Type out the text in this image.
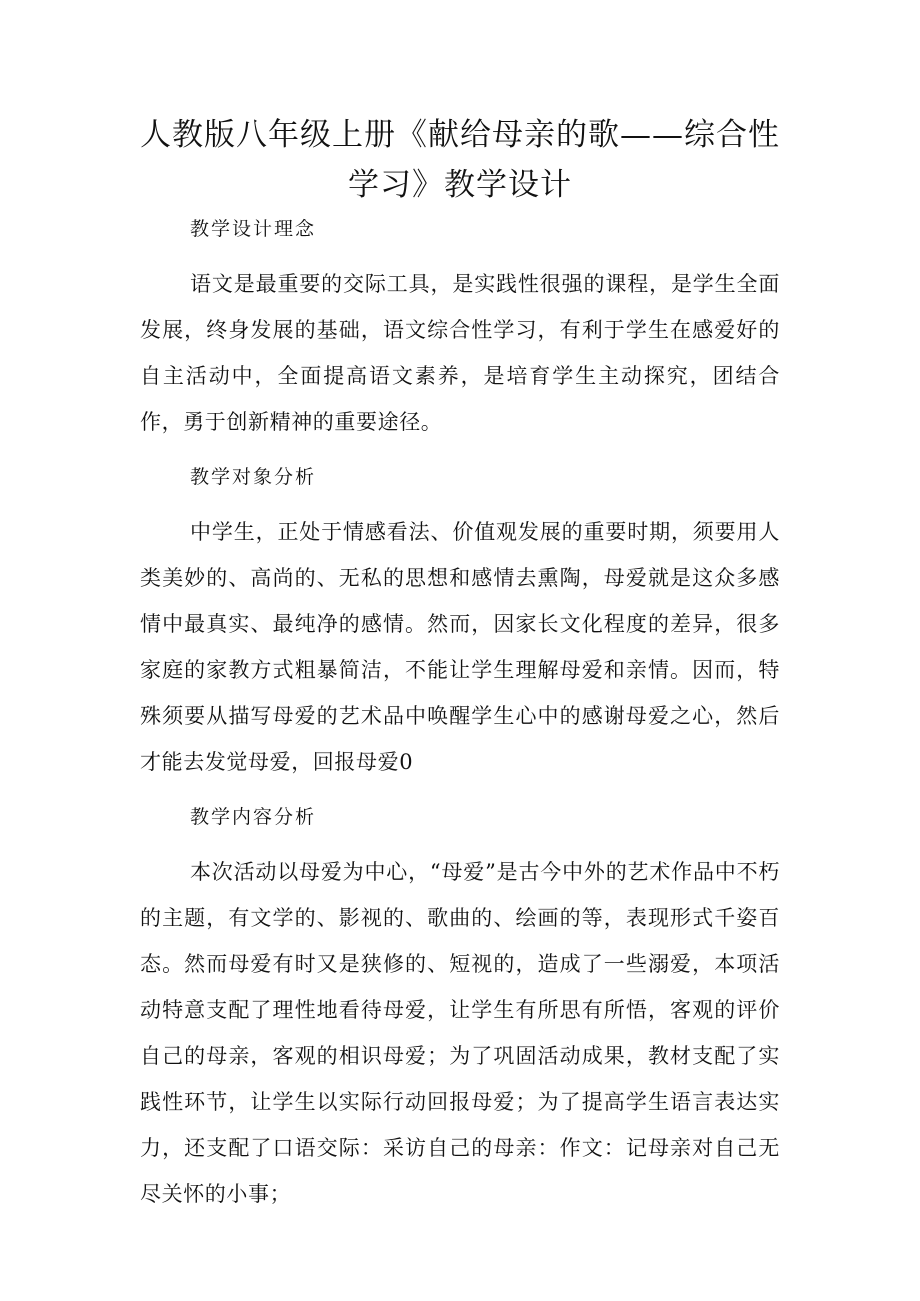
人教版八年级上册《献给母亲的歌——综合性学习》教学设计
教学设计理念

语文是最重要的交际工具，是实践性很强的课程，是学生全面发展，终身发展的基础，语文综合性学习，有利于学生在感爱好的自主活动中，全面提高语文素养，是培育学生主动探究，团结合作，勇于创新精神的重要途径。

教学对象分析

中学生，正处于情感看法、价值观发展的重要时期，须要用人类美妙的、高尚的、无私的思想和感情去熏陶，母爱就是这众多感情中最真实、最纯净的感情。然而，因家长文化程度的差异，很多家庭的家教方式粗暴简洁，不能让学生理解母爱和亲情。因而，特殊须要从描写母爱的艺术品中唤醒学生心中的感谢母爱之心，然后才能去发觉母爱，回报母爱0

教学内容分析

本次活动以母爱为中心，“母爱”是古今中外的艺术作品中不朽的主题，有文学的、影视的、歌曲的、绘画的等，表现形式千姿百态。然而母爱有时又是狭修的、短视的，造成了一些溺爱，本项活动特意支配了理性地看待母爱，让学生有所思有所悟，客观的评价自己的母亲，客观的相识母爱；为了巩固活动成果，教材支配了实践性环节，让学生以实际行动回报母爱；为了提高学生语言表达实力，还支配了口语交际：采访自己的母亲：作文：记母亲对自己无尽关怀的小事；
